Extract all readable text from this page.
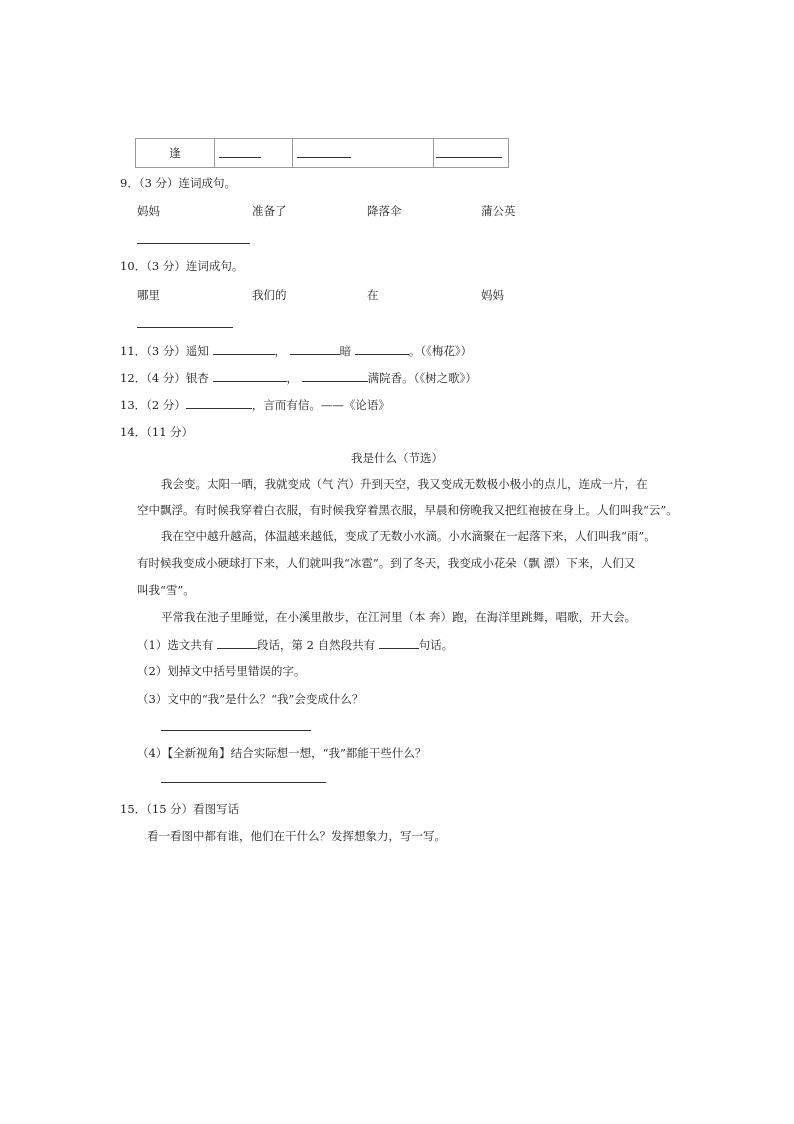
逢			
9．（3 分）连词成句。
妈妈	准备了	降落伞	蒲公英
10．（3 分）连词成句。
哪里	我们的	在	妈妈
11．（3 分）遥知	，	暗	。（《梅花》）
12．（4 分）银杏	，	满院香。（《树之歌》）
13．（2 分）	，言而有信。——《论语》
14．（11 分）
我是什么（节选）
我会变。太阳一晒，我就变成（气 汽）升到天空，我又变成无数极小极小的点儿，连成一片，在
空中飘浮。有时候我穿着白衣服，有时候我穿着黑衣服，早晨和傍晚我又把红袍披在身上。人们叫我“云”。
我在空中越升越高，体温越来越低，变成了无数小水滴。小水滴聚在一起落下来，人们叫我“雨”。
有时候我变成小硬球打下来，人们就叫我“冰雹”。到了冬天，我变成小花朵（飘 漂）下来，人们又
叫我“雪”。
平常我在池子里睡觉，在小溪里散步，在江河里（本 奔）跑，在海洋里跳舞，唱歌，开大会。
（1）选文共有	段话，第 2 自然段共有	句话。
（2）划掉文中括号里错误的字。
（3）文中的“我”是什么？“我”会变成什么？
（4）【全新视角】结合实际想一想，“我”都能干些什么？
15．（15 分）看图写话
看一看图中都有谁，他们在干什么？发挥想象力，写一写。
